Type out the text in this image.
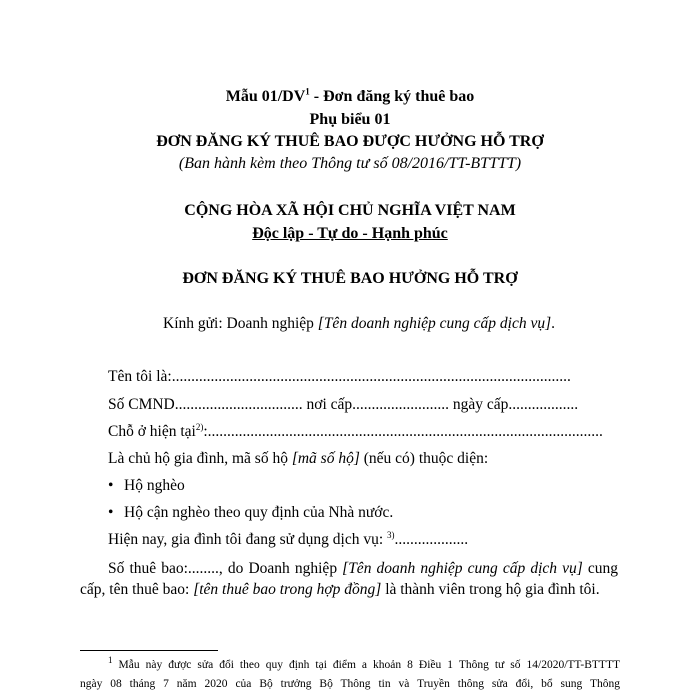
Mẫu $01/DV^1$ - Đơn đăng ký thuê bao
Phụ biểu 01
ĐƠN ĐĂNG KÝ THUÊ BAO ĐƯỢC HƯỞNG HỖ TRỢ
(Ban hành kèm theo Thông tư số 08/2016/TT-BTTTT)
CỘNG HÒA XÃ HỘI CHỦ NGHĨA VIỆT NAM
Độc lập - Tự do - Hạnh phúc
ĐƠN ĐĂNG KÝ THUÊ BAO HƯỞNG HỖ TRỢ
Kính gửi: Doanh nghiệp [Tên doanh nghiệp cung cấp dịch vụ].
Tên tôi là:.......................................................................................................
Số CMND................................. nơi cấp......................... ngày cấp..................
Chỗ ở hiện tại$^{2)}$:......................................................................................................
Là chủ hộ gia đình, mã số hộ [mã số hộ] (nếu có) thuộc diện:
• Hộ nghèo
• Hộ cận nghèo theo quy định của Nhà nước.
Hiện nay, gia đình tôi đang sử dụng dịch vụ: $^{3)}$...................
Số thuê bao:........, do Doanh nghiệp [Tên doanh nghiệp cung cấp dịch vụ] cung cấp, tên thuê bao: [tên thuê bao trong hợp đồng] là thành viên trong hộ gia đình tôi.
$^1$ Mẫu này được sửa đổi theo quy định tại điểm a khoản 8 Điều 1 Thông tư số 14/2020/TT-BTTTT
ngày 08 tháng 7 năm 2020 của Bộ trưởng Bộ Thông tin và Truyền thông sửa đổi, bổ sung Thông
